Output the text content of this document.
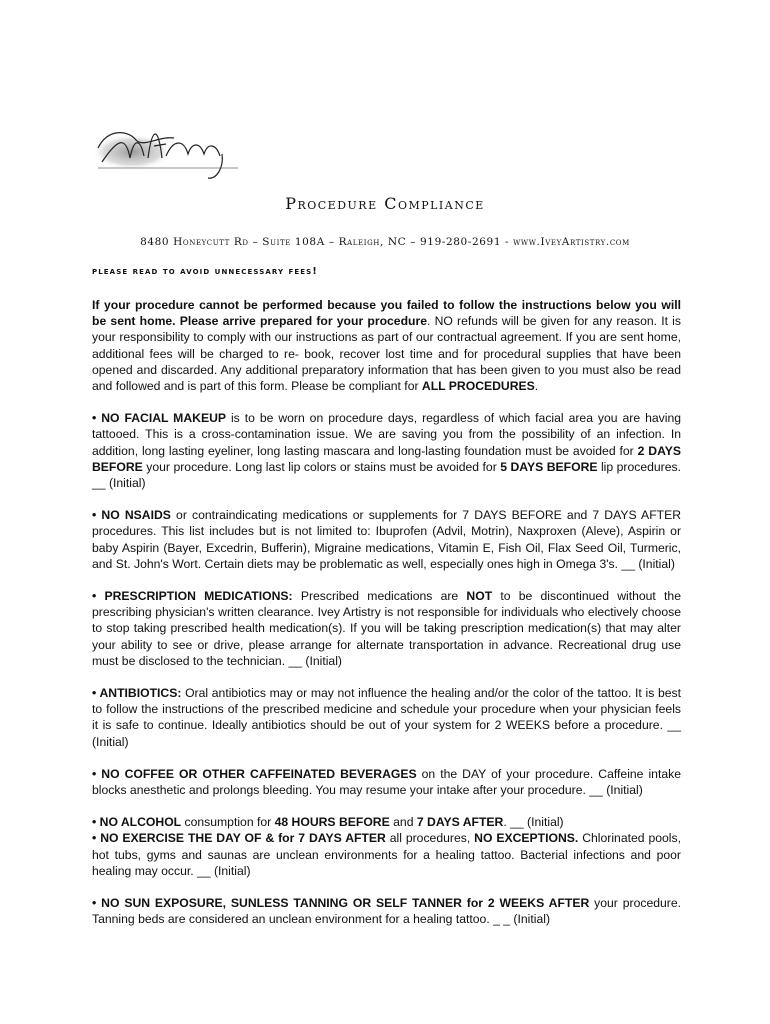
Procedure Compliance
8480 Honeycutt Rd – Suite 108A – Raleigh, NC – 919-280-2691 - www.IveyArtistry.com
please read to avoid unnecessary fees!

If your procedure cannot be performed because you failed to follow the instructions below you will be sent home. Please arrive prepared for your procedure. NO refunds will be given for any reason. It is your responsibility to comply with our instructions as part of our contractual agreement. If you are sent home, additional fees will be charged to re- book, recover lost time and for procedural supplies that have been opened and discarded. Any additional preparatory information that has been given to you must also be read and followed and is part of this form. Please be compliant for ALL PROCEDURES.

• NO FACIAL MAKEUP is to be worn on procedure days, regardless of which facial area you are having tattooed. This is a cross-contamination issue. We are saving you from the possibility of an infection. In addition, long lasting eyeliner, long lasting mascara and long-lasting foundation must be avoided for 2 DAYS BEFORE your procedure. Long last lip colors or stains must be avoided for 5 DAYS BEFORE lip procedures. __ (Initial)

• NO NSAIDS or contraindicating medications or supplements for 7 DAYS BEFORE and 7 DAYS AFTER procedures. This list includes but is not limited to: Ibuprofen (Advil, Motrin), Naxproxen (Aleve), Aspirin or baby Aspirin (Bayer, Excedrin, Bufferin), Migraine medications, Vitamin E, Fish Oil, Flax Seed Oil, Turmeric, and St. John's Wort. Certain diets may be problematic as well, especially ones high in Omega 3's. __ (Initial)

• PRESCRIPTION MEDICATIONS: Prescribed medications are NOT to be discontinued without the prescribing physician's written clearance. Ivey Artistry is not responsible for individuals who electively choose to stop taking prescribed health medication(s). If you will be taking prescription medication(s) that may alter your ability to see or drive, please arrange for alternate transportation in advance. Recreational drug use must be disclosed to the technician. __ (Initial)

• ANTIBIOTICS: Oral antibiotics may or may not influence the healing and/or the color of the tattoo. It is best to follow the instructions of the prescribed medicine and schedule your procedure when your physician feels it is safe to continue. Ideally antibiotics should be out of your system for 2 WEEKS before a procedure. __ (Initial)

• NO COFFEE OR OTHER CAFFEINATED BEVERAGES on the DAY of your procedure. Caffeine intake blocks anesthetic and prolongs bleeding. You may resume your intake after your procedure. __ (Initial)

• NO ALCOHOL consumption for 48 HOURS BEFORE and 7 DAYS AFTER. __ (Initial)

• NO EXERCISE THE DAY OF & for 7 DAYS AFTER all procedures, NO EXCEPTIONS. Chlorinated pools, hot tubs, gyms and saunas are unclean environments for a healing tattoo. Bacterial infections and poor healing may occur. __ (Initial)

• NO SUN EXPOSURE, SUNLESS TANNING OR SELF TANNER for 2 WEEKS AFTER your procedure. Tanning beds are considered an unclean environment for a healing tattoo. _ _ (Initial)
